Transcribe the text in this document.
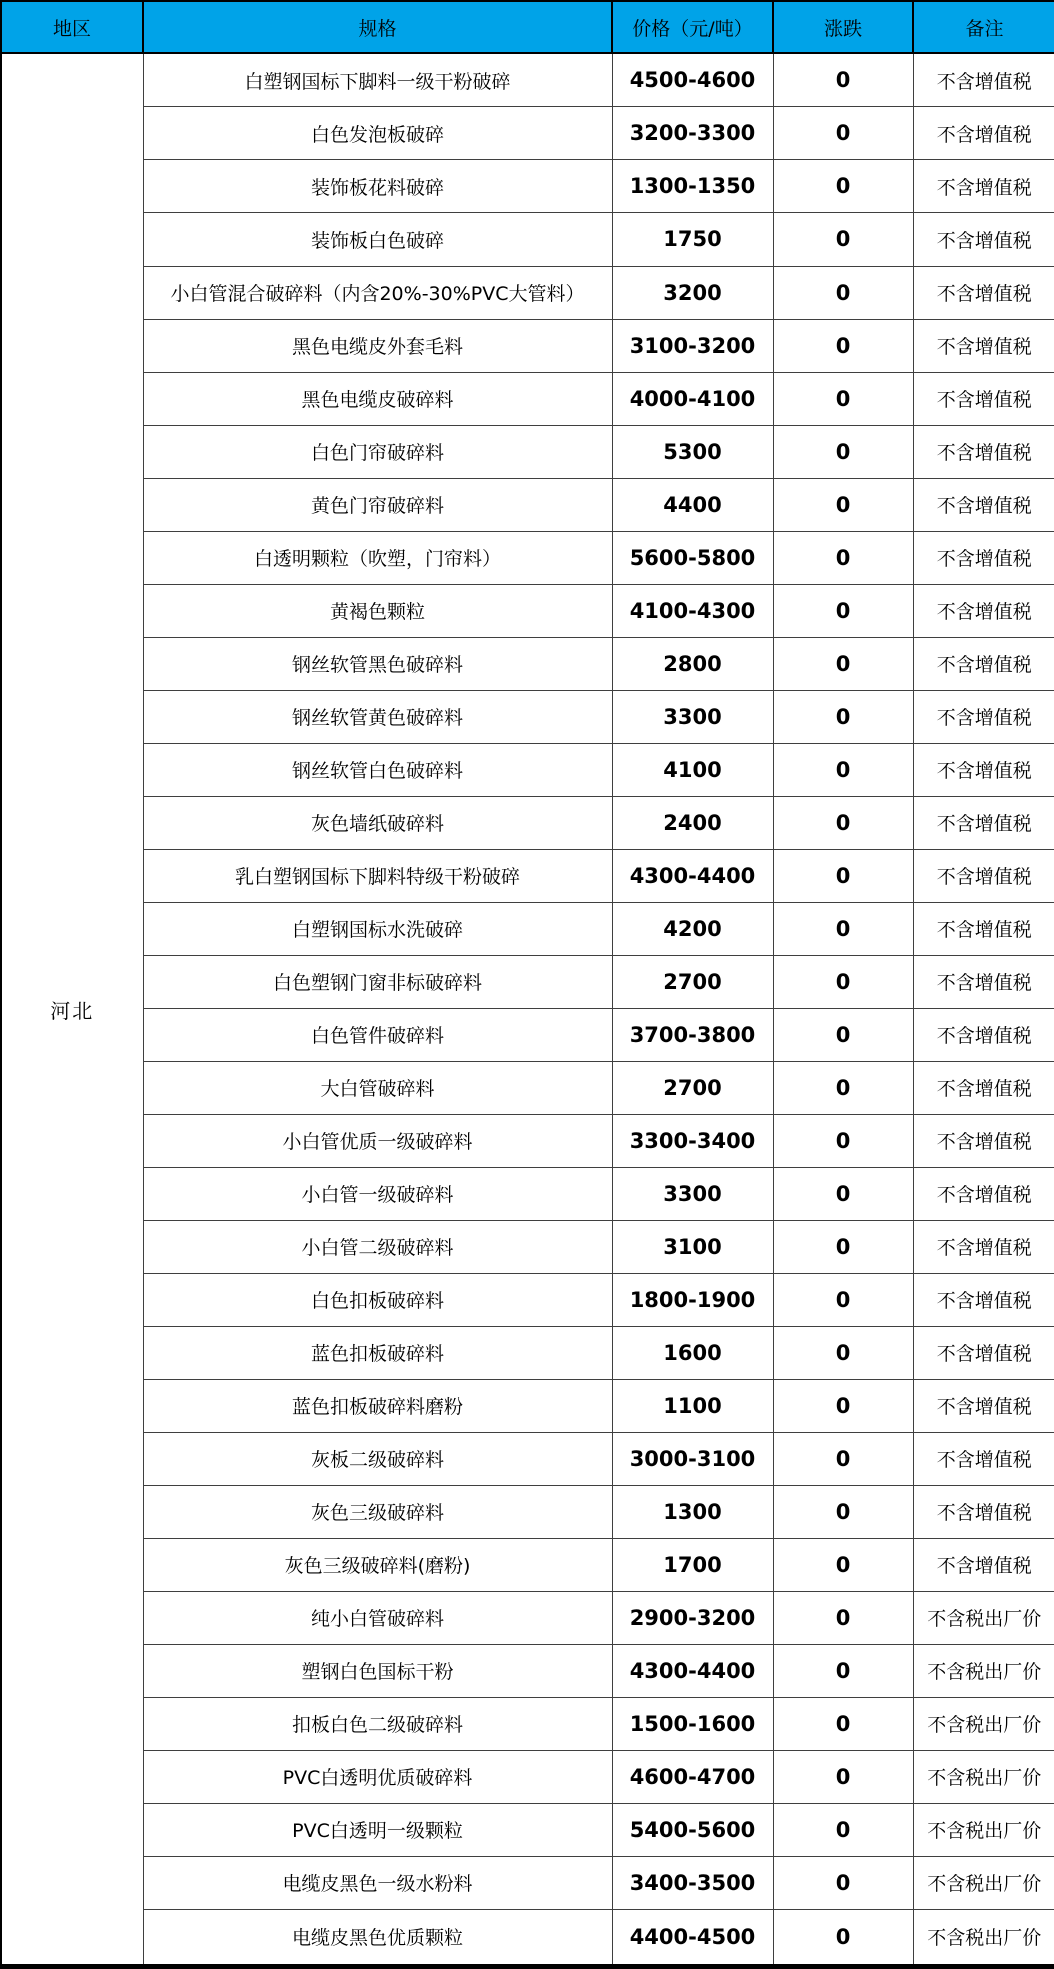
地区	规格	价格（元/吨）	涨跌	备注
河北	白塑钢国标下脚料一级干粉破碎	4500-4600	0	不含增值税
	白色发泡板破碎	3200-3300	0	不含增值税
	装饰板花料破碎	1300-1350	0	不含增值税
	装饰板白色破碎	1750	0	不含增值税
	小白管混合破碎料（内含20%-30%PVC大管料）	3200	0	不含增值税
	黑色电缆皮外套毛料	3100-3200	0	不含增值税
	黑色电缆皮破碎料	4000-4100	0	不含增值税
	白色门帘破碎料	5300	0	不含增值税
	黄色门帘破碎料	4400	0	不含增值税
	白透明颗粒（吹塑，门帘料）	5600-5800	0	不含增值税
	黄褐色颗粒	4100-4300	0	不含增值税
	钢丝软管黑色破碎料	2800	0	不含增值税
	钢丝软管黄色破碎料	3300	0	不含增值税
	钢丝软管白色破碎料	4100	0	不含增值税
	灰色墙纸破碎料	2400	0	不含增值税
	乳白塑钢国标下脚料特级干粉破碎	4300-4400	0	不含增值税
	白塑钢国标水洗破碎	4200	0	不含增值税
	白色塑钢门窗非标破碎料	2700	0	不含增值税
	白色管件破碎料	3700-3800	0	不含增值税
	大白管破碎料	2700	0	不含增值税
	小白管优质一级破碎料	3300-3400	0	不含增值税
	小白管一级破碎料	3300	0	不含增值税
	小白管二级破碎料	3100	0	不含增值税
	白色扣板破碎料	1800-1900	0	不含增值税
	蓝色扣板破碎料	1600	0	不含增值税
	蓝色扣板破碎料磨粉	1100	0	不含增值税
	灰板二级破碎料	3000-3100	0	不含增值税
	灰色三级破碎料	1300	0	不含增值税
	灰色三级破碎料(磨粉)	1700	0	不含增值税
	纯小白管破碎料	2900-3200	0	不含税出厂价
	塑钢白色国标干粉	4300-4400	0	不含税出厂价
	扣板白色二级破碎料	1500-1600	0	不含税出厂价
	PVC白透明优质破碎料	4600-4700	0	不含税出厂价
	PVC白透明一级颗粒	5400-5600	0	不含税出厂价
	电缆皮黑色一级水粉料	3400-3500	0	不含税出厂价
	电缆皮黑色优质颗粒	4400-4500	0	不含税出厂价
